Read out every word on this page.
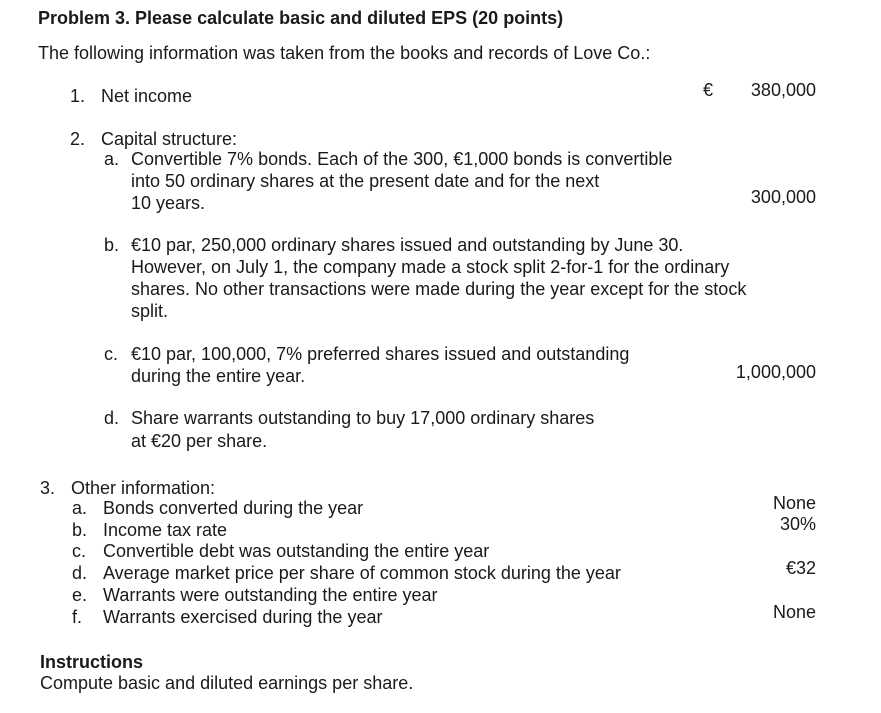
Problem 3. Please calculate basic and diluted EPS (20 points)
The following information was taken from the books and records of Love Co.:
1. Net income	€	380,000
2. Capital structure:
a. Convertible 7% bonds. Each of the 300, €1,000 bonds is convertible
into 50 ordinary shares at the present date and for the next
10 years.	300,000
b. €10 par, 250,000 ordinary shares issued and outstanding by June 30.
However, on July 1, the company made a stock split 2-for-1 for the ordinary
shares. No other transactions were made during the year except for the stock
split.
c. €10 par, 100,000, 7% preferred shares issued and outstanding
during the entire year.	1,000,000
d. Share warrants outstanding to buy 17,000 ordinary shares
at €20 per share.
3. Other information:
a. Bonds converted during the year	None
b. Income tax rate	30%
c. Convertible debt was outstanding the entire year
d. Average market price per share of common stock during the year	€32
e. Warrants were outstanding the entire year
f. Warrants exercised during the year	None
Instructions
Compute basic and diluted earnings per share.
